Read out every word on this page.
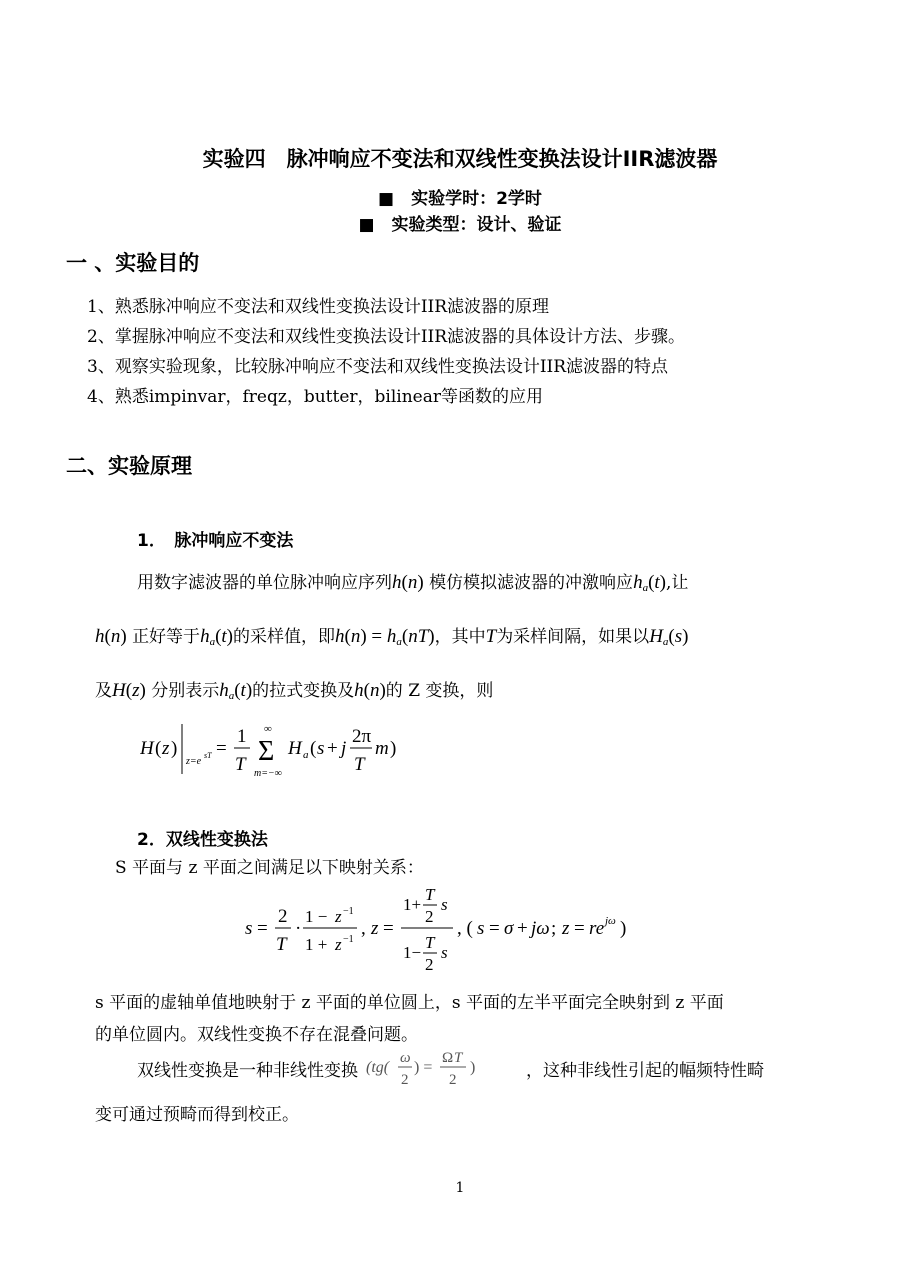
实验四　脉冲响应不变法和双线性变换法设计IIR滤波器
■　实验学时：2学时
■　实验类型：设计、验证
一 、实验目的
1、熟悉脉冲响应不变法和双线性变换法设计IIR滤波器的原理
2、掌握脉冲响应不变法和双线性变换法设计IIR滤波器的具体设计方法、步骤。
3、观察实验现象，比较脉冲响应不变法和双线性变换法设计IIR滤波器的特点
4、熟悉impinvar，freqz，butter，bilinear等函数的应用
二、实验原理
1． 脉冲响应不变法
用数字滤波器的单位脉冲响应序列h(n) 模仿模拟滤波器的冲激响应$h_a(t)$,让
h(n) 正好等于$h_a(t)$的采样值，即$h(n) = h_a(nT)$，其中T为采样间隔，如果以$H_a(s)$
及H(z) 分别表示$h_a(t)$的拉式变换及h(n)的 Z 变换，则
H ( z )
z=e
sT =
1
T Σ
∞
m=−∞
H a ( s + j
2π
T
m )
2．双线性变换法
S 平面与 z 平面之间满足以下映射关系：
s =
2
T
·
1 − z −1
1 + z −1
, z =
1+
T
2
s
1−
T
2
s
, ( s = σ + jω ; z = re jω )
s 平面的虚轴单值地映射于 z 平面的单位圆上，s 平面的左半平面完全映射到 z 平面
的单位圆内。双线性变换不存在混叠问题。
双线性变换是一种非线性变换 (tg(
ω
2
) =
Ω T
2
)	，这种非线性引起的幅频特性畸
变可通过预畸而得到校正。
1
